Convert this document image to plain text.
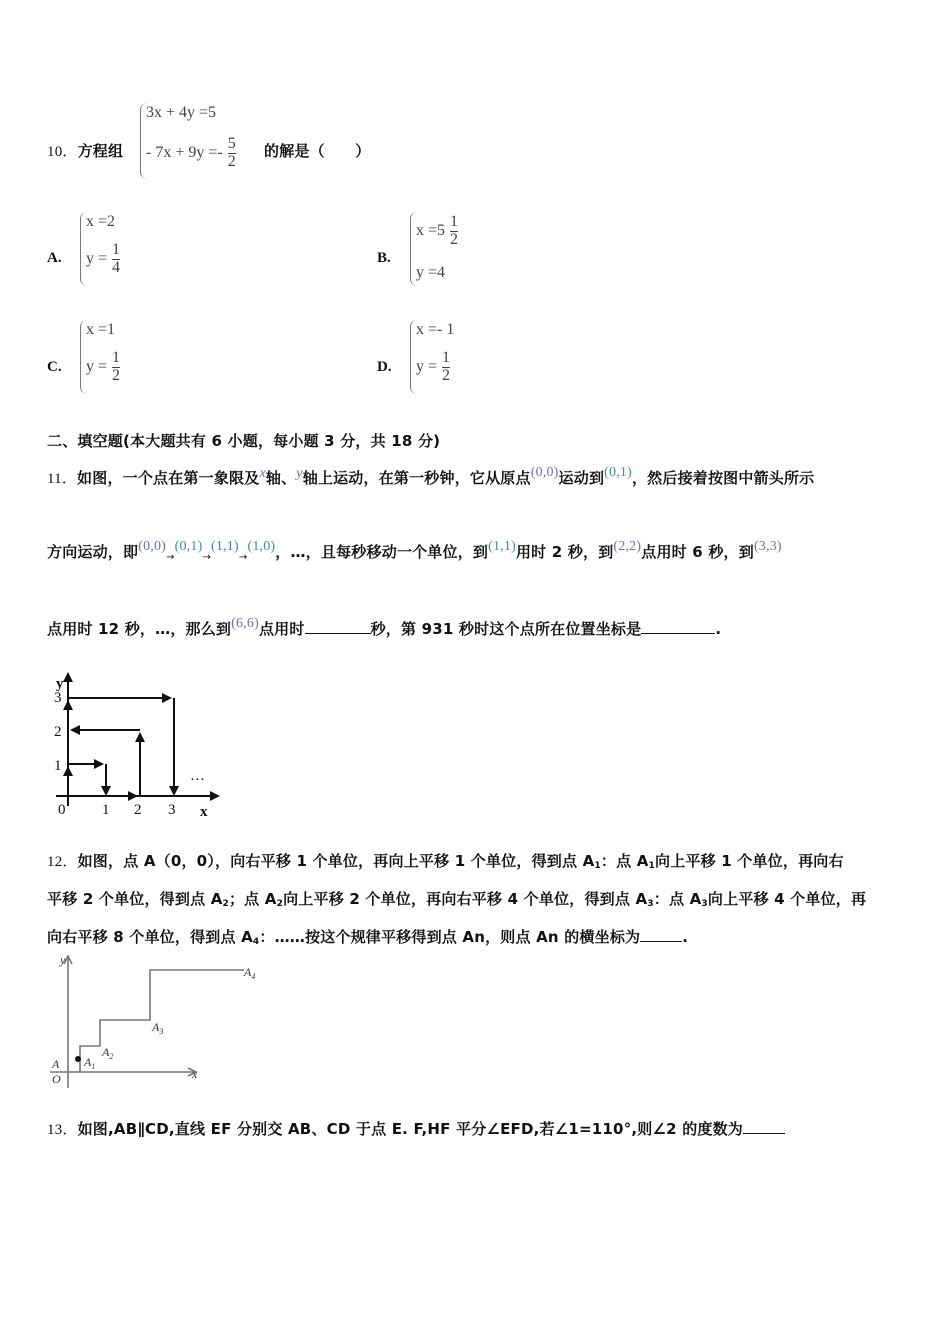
10．方程组
3x + 4y =5
- $7x + 9y =- \frac{5}{2}$ 的解是（　　）
A.
x =2
$y = \frac{1}{4}$	B.
$x =5 \frac{1}{2}$
y =4
C.
x =1
$y = \frac{1}{2}$	D.
x =- 1
$y = \frac{1}{2}$
二、填空题(本大题共有 6 小题，每小题 3 分，共 18 分)
11．如图，一个点在第一象限及x轴、y轴上运动，在第一秒钟，它从原点(0,0)运动到(0,1)，然后接着按图中箭头所示
方向运动，即$(0,0)_\to(0,1)_\to(1,1)_\to(1,0)$，…，且每秒移动一个单位，到(1,1)用时 2 秒，到(2,2)点用时 6 秒，到(3,3)
点用时 12 秒，…，那么到(6,6)点用时	秒，第 931 秒时这个点所在位置坐标是	.
y
3
2
1
0 1 2 3 x
…
12．如图，点 A（0，0），向右平移 1 个单位，再向上平移 1 个单位，得到点 $A_1$：点 $A_1$向上平移 1 个单位，再向右
平移 2 个单位，得到点 $A_2$；点 $A_2$向上平移 2 个单位，再向右平移 4 个单位，得到点 $A_3$：点 $A_3$向上平移 4 个单位，再
向右平移 8 个单位，得到点 $A_4$：……按这个规律平移得到点 An，则点 An 的横坐标为	.
y
x
A
O
$A_1$
$A_2$
$A_3$
$A_4$
13．如图,AB∥CD,直线 EF 分别交 AB、CD 于点 E. F,HF 平分∠EFD,若∠1=110°,则∠2 的度数为
